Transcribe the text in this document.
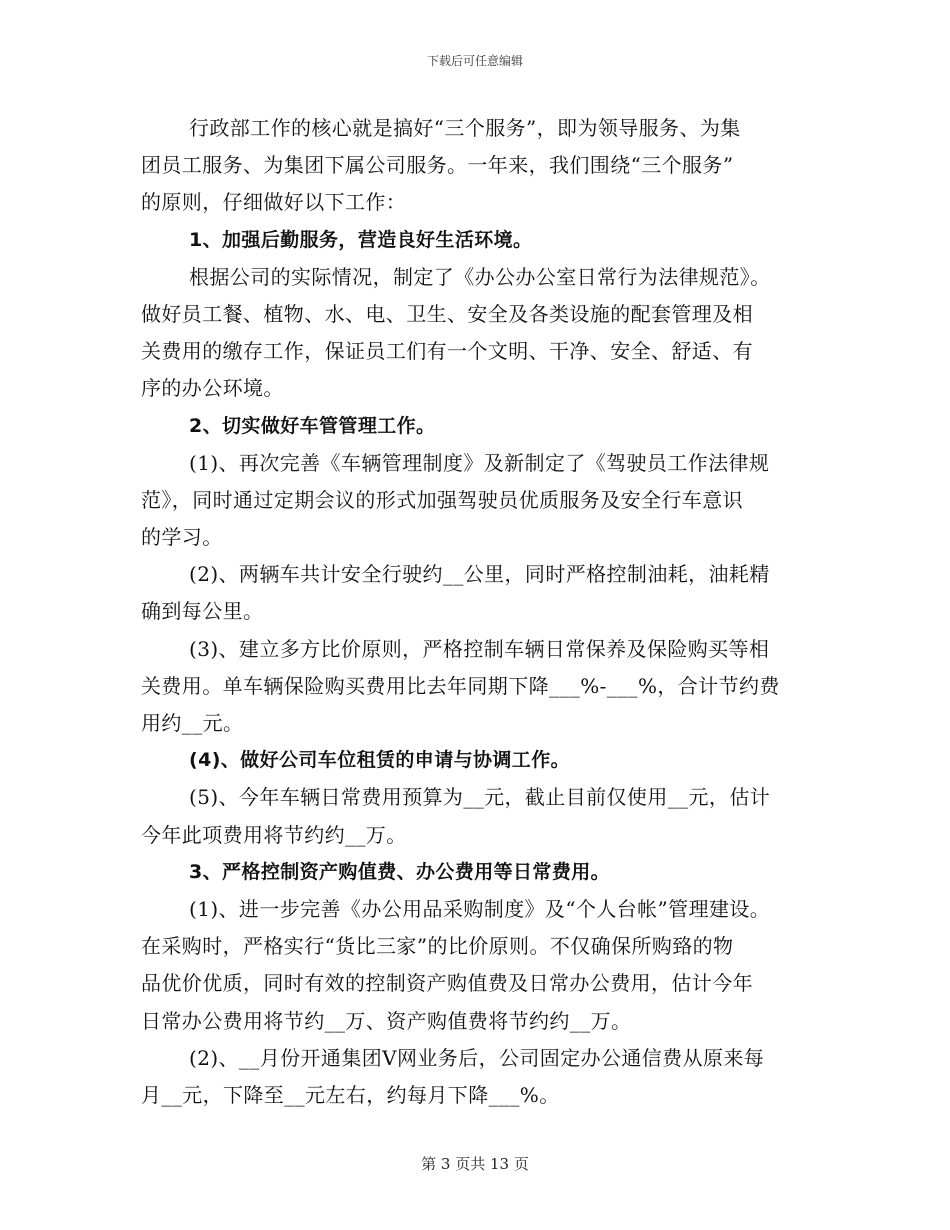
下载后可任意编辑
行政部工作的核心就是搞好“三个服务”，即为领导服务、为集
团员工服务、为集团下属公司服务。一年来，我们围绕“三个服务”
的原则，仔细做好以下工作：
1、加强后勤服务，营造良好生活环境。
根据公司的实际情况，制定了《办公办公室日常行为法律规范》。
做好员工餐、植物、水、电、卫生、安全及各类设施的配套管理及相
关费用的缴存工作，保证员工们有一个文明、干净、安全、舒适、有
序的办公环境。
2、切实做好车管管理工作。
(1)、再次完善《车辆管理制度》及新制定了《驾驶员工作法律规
范》，同时通过定期会议的形式加强驾驶员优质服务及安全行车意识
的学习。
(2)、两辆车共计安全行驶约__公里，同时严格控制油耗，油耗精
确到每公里。
(3)、建立多方比价原则，严格控制车辆日常保养及保险购买等相
关费用。单车辆保险购买费用比去年同期下降___%-___%，合计节约费
用约__元。
(4)、做好公司车位租赁的申请与协调工作。
(5)、今年车辆日常费用预算为__元，截止目前仅使用__元，估计
今年此项费用将节约约__万。
3、严格控制资产购值费、办公费用等日常费用。
(1)、进一步完善《办公用品采购制度》及“个人台帐”管理建设。
在采购时，严格实行“货比三家”的比价原则。不仅确保所购臵的物
品优价优质，同时有效的控制资产购值费及日常办公费用，估计今年
日常办公费用将节约__万、资产购值费将节约约__万。
(2)、__月份开通集团V网业务后，公司固定办公通信费从原来每
月__元，下降至__元左右，约每月下降___%。
第 3 页共 13 页
